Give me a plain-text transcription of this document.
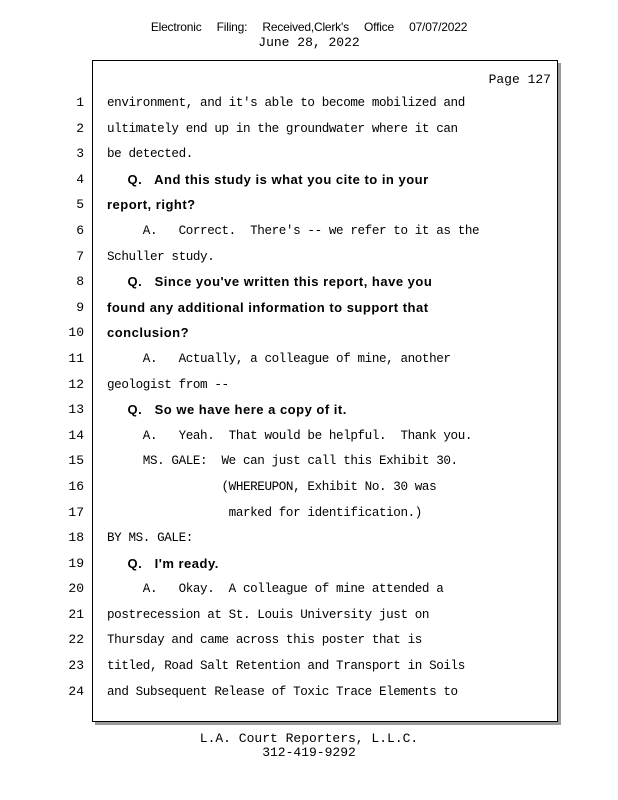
Electronic Filing: Received,Clerk's Office 07/07/2022
June 28, 2022
Page 127
1
2
3
4
5
6
7
8
9
10
11
12
13
14
15
16
17
18
19
20
21
22
23
24
environment, and it's able to become mobilized and
ultimately end up in the groundwater where it can
be detected.
Q.   And this study is what you cite to in your
report, right?
A.   Correct.  There's -- we refer to it as the
Schuller study.
Q.   Since you've written this report, have you
found any additional information to support that
conclusion?
A.   Actually, a colleague of mine, another
geologist from --
Q.   So we have here a copy of it.
A.   Yeah.  That would be helpful.  Thank you.
MS. GALE:  We can just call this Exhibit 30.
(WHEREUPON, Exhibit No. 30 was
marked for identification.)
BY MS. GALE:
Q.   I'm ready.
A.   Okay.  A colleague of mine attended a
postrecession at St. Louis University just on
Thursday and came across this poster that is
titled, Road Salt Retention and Transport in Soils
and Subsequent Release of Toxic Trace Elements to
L.A. Court Reporters, L.L.C.
312-419-9292
